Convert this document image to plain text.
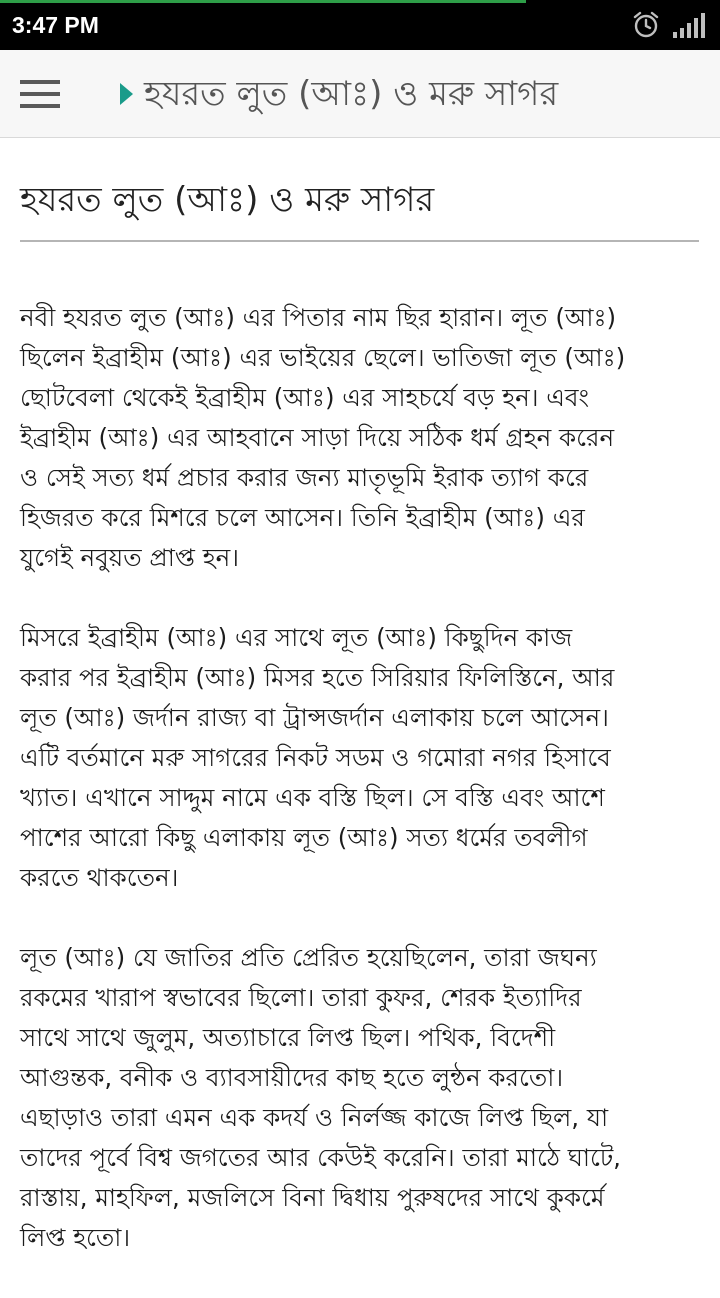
3:47 PM
হযরত লুত (আঃ) ও মরু সাগর
হযরত লুত (আঃ) ও মরু সাগর

নবী হযরত লুত (আঃ) এর পিতার নাম ছির হারান। লূত (আঃ)
ছিলেন ইব্রাহীম (আঃ) এর ভাইয়ের ছেলে। ভাতিজা লূত (আঃ)
ছোটবেলা থেকেই ইব্রাহীম (আঃ) এর সাহচর্যে বড় হন। এবং
ইব্রাহীম (আঃ) এর আহবানে সাড়া দিয়ে সঠিক ধর্ম গ্রহন করেন
ও সেই সত্য ধর্ম প্রচার করার জন্য মাতৃভূমি ইরাক ত্যাগ করে
হিজরত করে মিশরে চলে আসেন। তিনি ইব্রাহীম (আঃ) এর
যুগেই নবুয়ত প্রাপ্ত হন।

মিসরে ইব্রাহীম (আঃ) এর সাথে লূত (আঃ) কিছুদিন কাজ
করার পর ইব্রাহীম (আঃ) মিসর হতে সিরিয়ার ফিলিস্তিনে, আর
লূত (আঃ) জর্দান রাজ্য বা ট্রান্সজর্দান এলাকায় চলে আসেন।
এটি বর্তমানে মরু সাগরের নিকট সডম ও গমোরা নগর হিসাবে
খ্যাত। এখানে সাদ্দুম নামে এক বস্তি ছিল। সে বস্তি এবং আশে
পাশের আরো কিছু এলাকায় লূত (আঃ) সত্য ধর্মের তবলীগ
করতে থাকতেন।

লূত (আঃ) যে জাতির প্রতি প্রেরিত হয়েছিলেন, তারা জঘন্য
রকমের খারাপ স্বভাবের ছিলো। তারা কুফর, শেরক ইত্যাদির
সাথে সাথে জুলুম, অত্যাচারে লিপ্ত ছিল। পথিক, বিদেশী
আগুন্তক, বনীক ও ব্যাবসায়ীদের কাছ হতে লুন্ঠন করতো।
এছাড়াও তারা এমন এক কদর্য ও নির্লজ্জ কাজে লিপ্ত ছিল, যা
তাদের পূর্বে বিশ্ব জগতের আর কেউই করেনি। তারা মাঠে ঘাটে,
রাস্তায়, মাহফিল, মজলিসে বিনা দ্বিধায় পুরুষদের সাথে কুকর্মে
লিপ্ত হতো।
